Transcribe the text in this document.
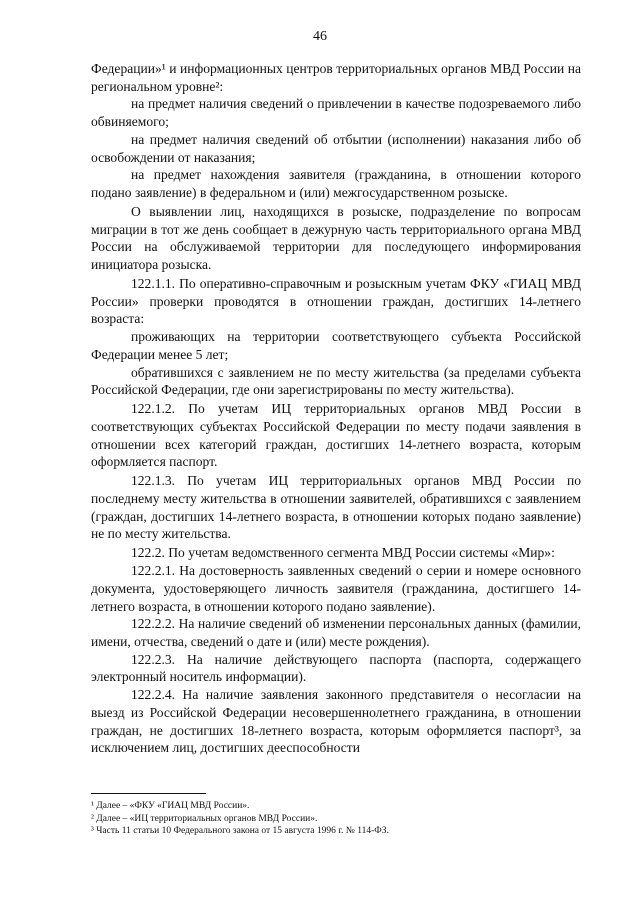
46

Федерации»¹ и информационных центров территориальных органов МВД России на региональном уровне²:

на предмет наличия сведений о привлечении в качестве подозреваемого либо обвиняемого;

на предмет наличия сведений об отбытии (исполнении) наказания либо об освобождении от наказания;

на предмет нахождения заявителя (гражданина, в отношении которого подано заявление) в федеральном и (или) межгосударственном розыске.

О выявлении лиц, находящихся в розыске, подразделение по вопросам миграции в тот же день сообщает в дежурную часть территориального органа МВД России на обслуживаемой территории для последующего информирования инициатора розыска.

122.1.1. По оперативно-справочным и розыскным учетам ФКУ «ГИАЦ МВД России» проверки проводятся в отношении граждан, достигших 14-летнего возраста:

проживающих на территории соответствующего субъекта Российской Федерации менее 5 лет;

обратившихся с заявлением не по месту жительства (за пределами субъекта Российской Федерации, где они зарегистрированы по месту жительства).

122.1.2. По учетам ИЦ территориальных органов МВД России в соответствующих субъектах Российской Федерации по месту подачи заявления в отношении всех категорий граждан, достигших 14-летнего возраста, которым оформляется паспорт.

122.1.3. По учетам ИЦ территориальных органов МВД России по последнему месту жительства в отношении заявителей, обратившихся с заявлением (граждан, достигших 14-летнего возраста, в отношении которых подано заявление) не по месту жительства.

122.2. По учетам ведомственного сегмента МВД России системы «Мир»:

122.2.1. На достоверность заявленных сведений о серии и номере основного документа, удостоверяющего личность заявителя (гражданина, достигшего 14-летнего возраста, в отношении которого подано заявление).

122.2.2. На наличие сведений об изменении персональных данных (фамилии, имени, отчества, сведений о дате и (или) месте рождения).

122.2.3. На наличие действующего паспорта (паспорта, содержащего электронный носитель информации).

122.2.4. На наличие заявления законного представителя о несогласии на выезд из Российской Федерации несовершеннолетнего гражданина, в отношении граждан, не достигших 18-летнего возраста, которым оформляется паспорт³, за исключением лиц, достигших дееспособности

¹ Далее – «ФКУ «ГИАЦ МВД России».

² Далее – «ИЦ территориальных органов МВД России».

³ Часть 11 статьи 10 Федерального закона от 15 августа 1996 г. № 114-ФЗ.
